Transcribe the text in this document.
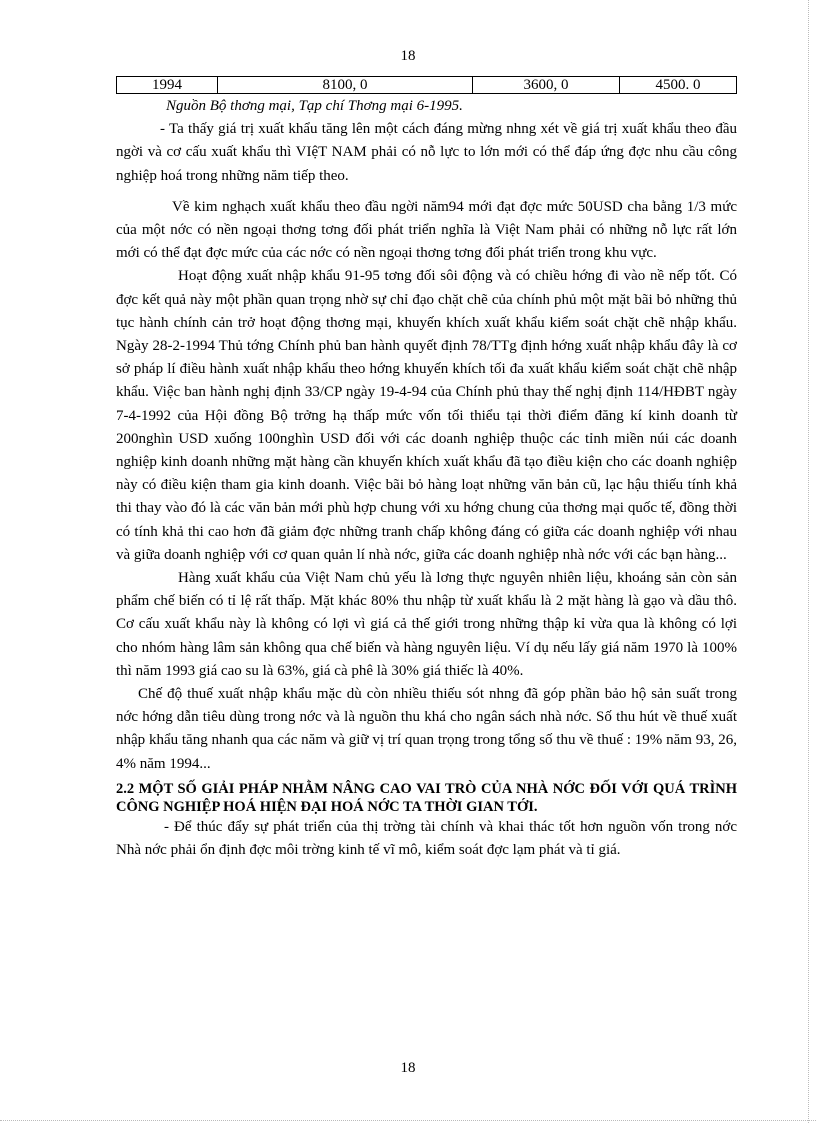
18
1994	8100, 0	3600, 0	4500. 0

Nguồn Bộ thơng mại, Tạp chí Thơng mại 6-1995.

- Ta thấy giá trị xuất khẩu tăng lên một cách đáng mừng nhng xét về giá trị xuất khẩu theo đầu ngời và cơ cấu xuất khẩu thì VIệT NAM phải có nỗ lực to lớn mới có thể đáp ứng đợc nhu cầu công nghiệp hoá trong những năm tiếp theo.

Về kim nghạch xuất khẩu theo đầu ngời năm94 mới đạt đợc mức 50USD cha bằng 1/3 mức của một nớc có nền ngoại thơng tơng đối phát triển nghĩa là Việt Nam phải có những nỗ lực rất lớn mới có thể đạt đợc mức của các nớc có nền ngoại thơng tơng đối phát triển trong khu vực.

Hoạt động xuất nhập khẩu 91-95 tơng đối sôi động và có chiều hớng đi vào nề nếp tốt. Có đợc kết quả này một phần quan trọng nhờ sự chỉ đạo chặt chẽ của chính phủ một mặt bãi bỏ những thủ tục hành chính cản trở hoạt động thơng mại, khuyến khích xuất khẩu kiểm soát chặt chẽ nhập khẩu. Ngày 28-2-1994 Thủ tớng Chính phủ ban hành quyết định 78/TTg định hớng xuất nhập khẩu đây là cơ sở pháp lí điều hành xuất nhập khẩu theo hớng khuyến khích tối đa xuất khẩu kiểm soát chặt chẽ nhập khẩu. Việc ban hành nghị định 33/CP ngày 19-4-94 của Chính phủ thay thế nghị định 114/HĐBT ngày 7-4-1992 của Hội đồng Bộ trởng hạ thấp mức vốn tối thiểu tại thời điểm đăng kí kinh doanh từ 200nghìn USD xuống 100nghìn USD đối với các doanh nghiệp thuộc các tỉnh miền núi các doanh nghiệp kinh doanh những mặt hàng cần khuyến khích xuất khẩu đã tạo điều kiện cho các doanh nghiệp này có điều kiện tham gia kinh doanh. Việc bãi bỏ hàng loạt những văn bản cũ, lạc hậu thiếu tính khả thi thay vào đó là các văn bản mới phù hợp chung với xu hớng chung của thơng mại quốc tế, đồng thời có tính khả thi cao hơn đã giảm đợc những tranh chấp không đáng có giữa các doanh nghiệp với nhau và giữa doanh nghiệp với cơ quan quản lí nhà nớc, giữa các doanh nghiệp nhà nớc với các bạn hàng...

Hàng xuất khẩu của Việt Nam chủ yếu là lơng thực nguyên nhiên liệu, khoáng sản còn sản phẩm chế biến có tỉ lệ rất thấp. Mặt khác 80% thu nhập từ xuất khẩu là 2 mặt hàng là gạo và dầu thô. Cơ cấu xuất khẩu này là không có lợi vì giá cả thế giới trong những thập kỉ vừa qua là không có lợi cho nhóm hàng lâm sản không qua chế biến và hàng nguyên liệu. Ví dụ nếu lấy giá năm 1970 là 100% thì năm 1993 giá cao su là 63%, giá cà phê là 30% giá thiếc là 40%.

Chế độ thuế xuất nhập khẩu mặc dù còn nhiều thiếu sót nhng đã góp phần bảo hộ sản suất trong nớc hớng dẫn tiêu dùng trong nớc và là nguồn thu khá cho ngân sách nhà nớc. Số thu hút về thuế xuất nhập khẩu tăng nhanh qua các năm và giữ vị trí quan trọng trong tổng số thu về thuế : 19% năm 93, 26, 4% năm 1994...

2.2 MỘT SỐ GIẢI PHÁP NHẰM NÂNG CAO VAI TRÒ CỦA NHÀ NỚC ĐỐI VỚI QUÁ TRÌNH CÔNG NGHIỆP HOÁ HIỆN ĐẠI HOÁ NỚC TA THỜI GIAN TỚI.

- Để thúc đẩy sự phát triển của thị trờng tài chính và khai thác tốt hơn nguồn vốn trong nớc Nhà nớc phải ổn định đợc môi trờng kinh tế vĩ mô, kiểm soát đợc lạm phát và tỉ giá.

18
